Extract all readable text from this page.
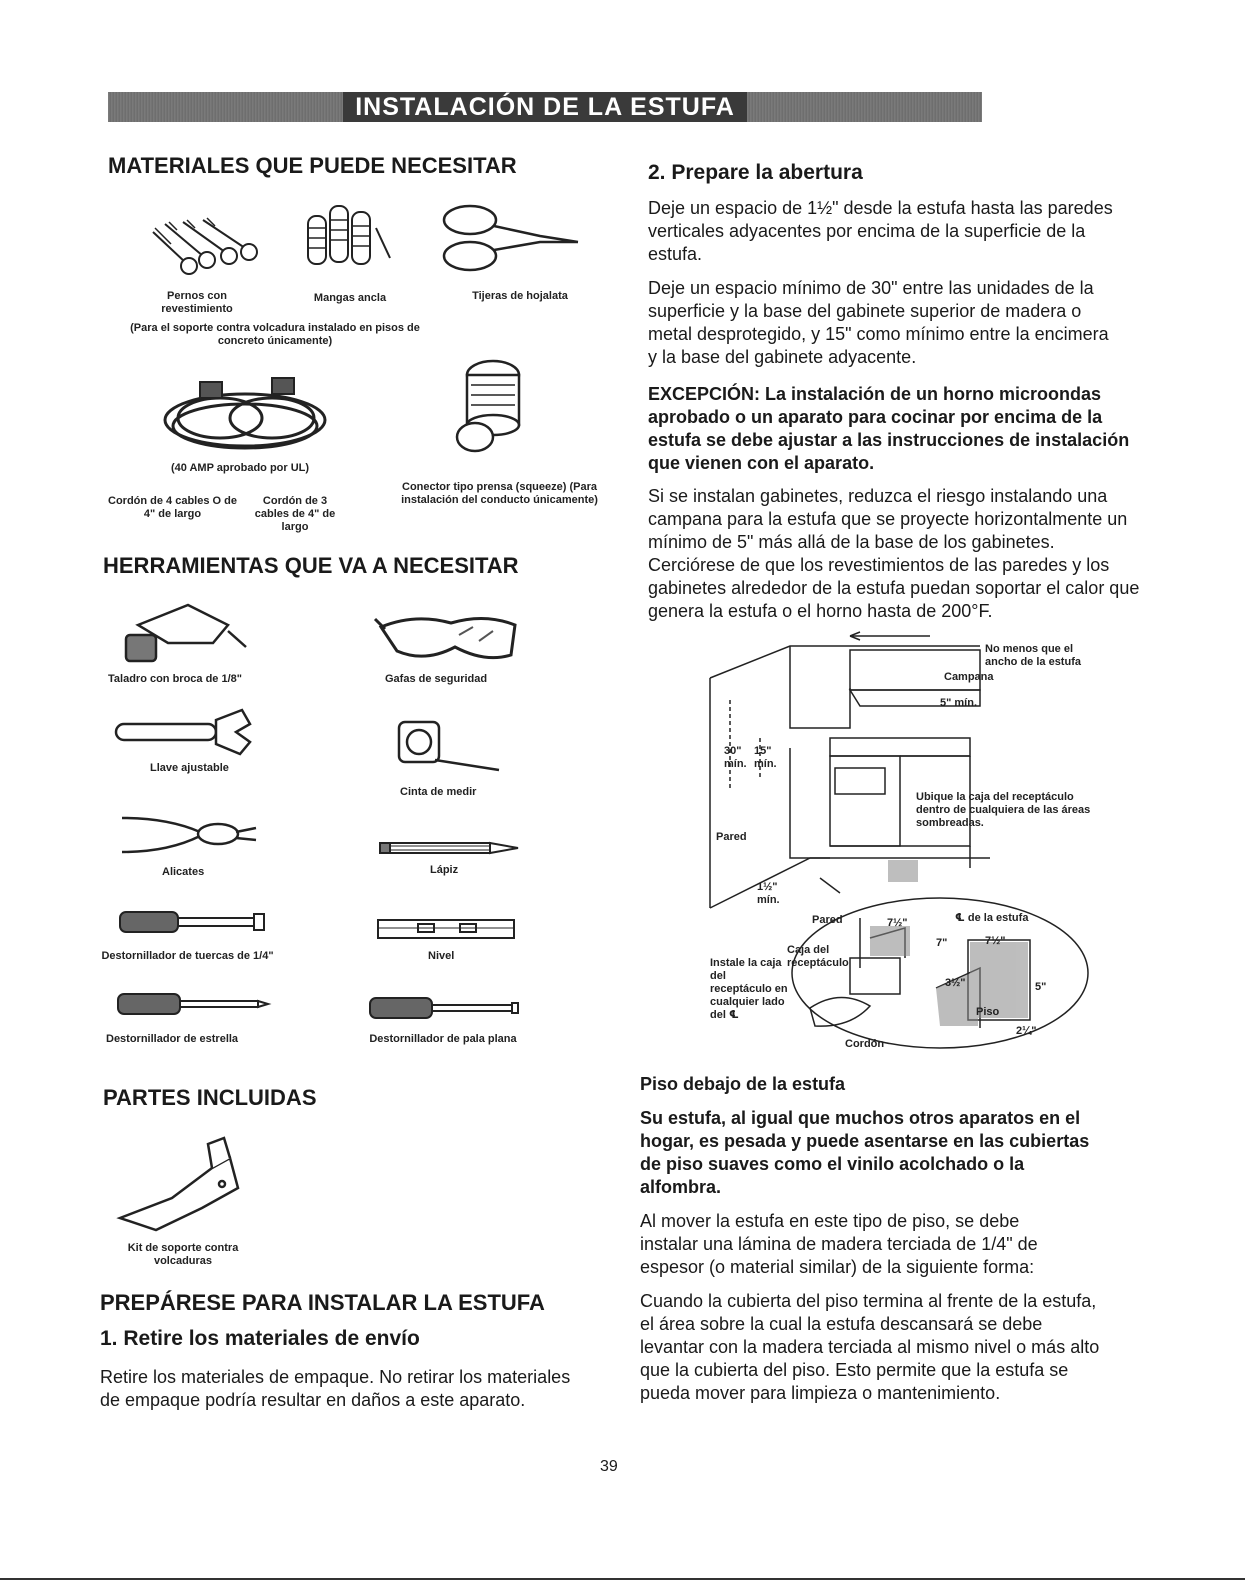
INSTALACIÓN DE LA ESTUFA
MATERIALES QUE PUEDE NECESITAR

Pernos con revestimiento

Mangas ancla	Tijeras de hojalata

(Para el soporte contra volcadura instalado en pisos de concreto únicamente)

(40 AMP aprobado por UL)

Cordón de 4 cables O de 4" de largo

Cordón de 3 cables de 4" de largo

Conector tipo prensa (squeeze) (Para instalación del conducto únicamente)

HERRAMIENTAS QUE VA A NECESITAR

Taladro con broca de 1/8"	Gafas de seguridad

Llave ajustable

Cinta de medir

Alicates	Lápiz

Destornillador de tuercas de 1/4"	Nivel

Destornillador de estrella	Destornillador de pala plana

PARTES INCLUIDAS

Kit de soporte contra volcaduras

PREPÁRESE PARA INSTALAR LA ESTUFA
1. Retire los materiales de envío

Retire los materiales de empaque. No retirar los materiales de empaque podría resultar en daños a este aparato.

2. Prepare la abertura

Deje un espacio de 1½" desde la estufa hasta las paredes verticales adyacentes por encima de la superficie de la estufa.

Deje un espacio mínimo de 30" entre las unidades de la superficie y la base del gabinete superior de madera o metal desprotegido, y 15" como mínimo entre la encimera y la base del gabinete adyacente.

EXCEPCIÓN: La instalación de un horno microondas aprobado o un aparato para cocinar por encima de la estufa se debe ajustar a las instrucciones de instalación que vienen con el aparato.

Si se instalan gabinetes, reduzca el riesgo instalando una campana para la estufa que se proyecte horizontalmente un mínimo de 5" más allá de la base de los gabinetes. Cerciórese de que los revestimientos de las paredes y los gabinetes alrededor de la estufa puedan soportar el calor que genera la estufa o el horno hasta de 200°F.

No menos que el ancho de la estufa

Campana

5" mín.

30" mín.

15" mín.

Ubique la caja del receptáculo dentro de cualquiera de las áreas sombreadas.

Pared

1½" mín.

Instale la caja del receptáculo en cualquier lado del ℄

Pared	7½"	℄ de la estufa

7"	7½"

Caja del receptáculo

3½"	5"

Piso

2¼"

Cordón

Piso debajo de la estufa

Su estufa, al igual que muchos otros aparatos en el hogar, es pesada y puede asentarse en las cubiertas de piso suaves como el vinilo acolchado o la alfombra.

Al mover la estufa en este tipo de piso, se debe instalar una lámina de madera terciada de 1/4" de espesor (o material similar) de la siguiente forma:

Cuando la cubierta del piso termina al frente de la estufa, el área sobre la cual la estufa descansará se debe levantar con la madera terciada al mismo nivel o más alto que la cubierta del piso. Esto permite que la estufa se pueda mover para limpieza o mantenimiento.

39
